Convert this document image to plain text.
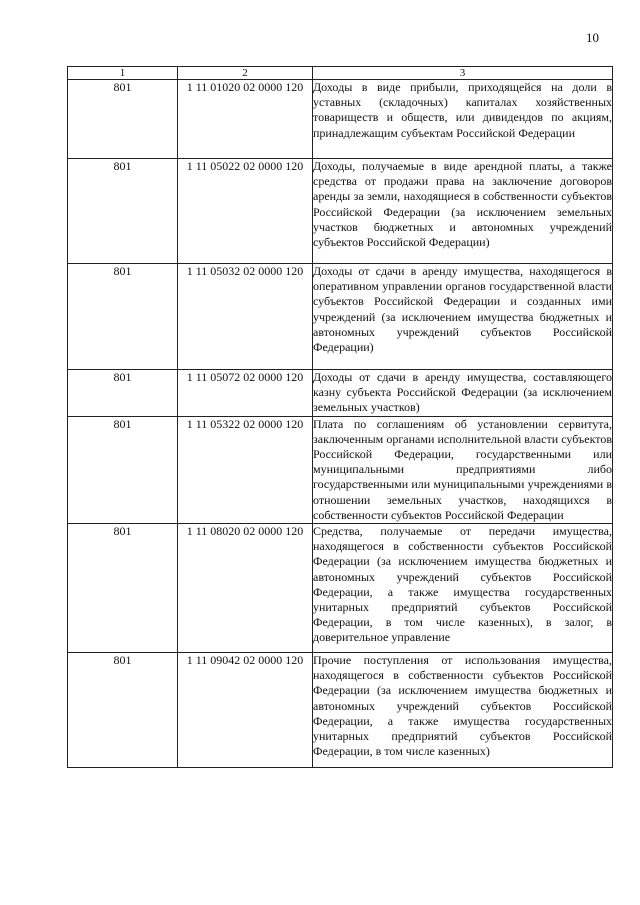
10
1	2	3
801	1 11 01020 02 0000 120	Доходы в виде прибыли, приходящейся на доли в уставных (складочных) капиталах хозяйственных товариществ и обществ, или дивидендов по акциям, принадлежащим субъектам Российской Федерации
801	1 11 05022 02 0000 120	Доходы, получаемые в виде арендной платы, а также средства от продажи права на заключение договоров аренды за земли, находящиеся в собственности субъектов Российской Федерации (за исключением земельных участков бюджетных и автономных учреждений субъектов Российской Федерации)
801	1 11 05032 02 0000 120	Доходы от сдачи в аренду имущества, находящегося в оперативном управлении органов государственной власти субъектов Российской Федерации и созданных ими учреждений (за исключением имущества бюджетных и автономных учреждений субъектов Российской Федерации)
801	1 11 05072 02 0000 120	Доходы от сдачи в аренду имущества, составляющего казну субъекта Российской Федерации (за исключением земельных участков)
801	1 11 05322 02 0000 120	Плата по соглашениям об установлении сервитута, заключенным органами исполнительной власти субъектов Российской Федерации, государственными или муниципальными предприятиями либо государственными или муниципальными учреждениями в отношении земельных участков, находящихся в собственности субъектов Российской Федерации
801	1 11 08020 02 0000 120	Средства, получаемые от передачи имущества, находящегося в собственности субъектов Российской Федерации (за исключением имущества бюджетных и автономных учреждений субъектов Российской Федерации, а также имущества государственных унитарных предприятий субъектов Российской Федерации, в том числе казенных), в залог, в доверительное управление
801	1 11 09042 02 0000 120	Прочие поступления от использования имущества, находящегося в собственности субъектов Российской Федерации (за исключением имущества бюджетных и автономных учреждений субъектов Российской Федерации, а также имущества государственных унитарных предприятий субъектов Российской Федерации, в том числе казенных)
